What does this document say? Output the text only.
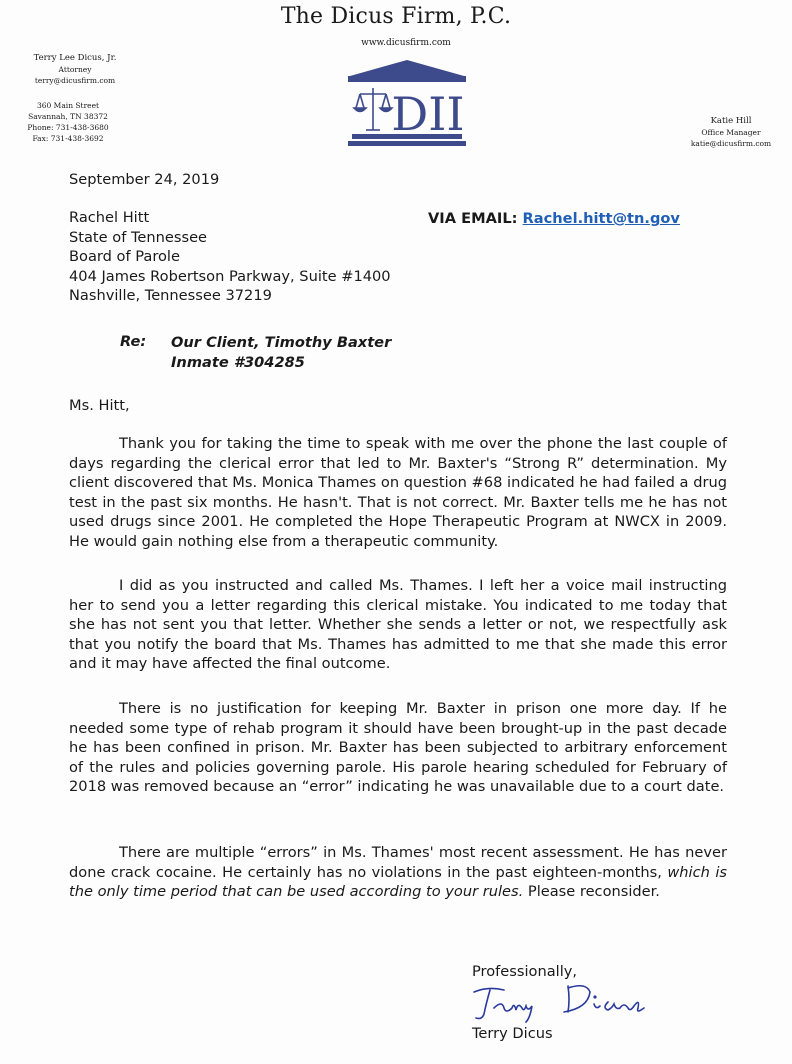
The Dicus Firm, P.C.
www.dicusfirm.com
DII
Terry Lee Dicus, Jr.
Attorney
terry@dicusfirm.com
360 Main Street
Savannah, TN 38372
Phone: 731-438-3680
Fax: 731-438-3692
Katie Hill
Office Manager
katie@dicusfirm.com
September 24, 2019
Rachel Hitt
State of Tennessee
Board of Parole
404 James Robertson Parkway, Suite #1400
Nashville, Tennessee 37219
VIA EMAIL: Rachel.hitt@tn.gov
Re: Our Client, Timothy Baxter
Inmate #304285
Ms. Hitt,

Thank you for taking the time to speak with me over the phone the last couple of days regarding the clerical error that led to Mr. Baxter's “Strong R” determination. My client discovered that Ms. Monica Thames on question #68 indicated he had failed a drug test in the past six months. He hasn't. That is not correct. Mr. Baxter tells me he has not used drugs since 2001. He completed the Hope Therapeutic Program at NWCX in 2009. He would gain nothing else from a therapeutic community.

I did as you instructed and called Ms. Thames. I left her a voice mail instructing her to send you a letter regarding this clerical mistake. You indicated to me today that she has not sent you that letter. Whether she sends a letter or not, we respectfully ask that you notify the board that Ms. Thames has admitted to me that she made this error and it may have affected the final outcome.

There is no justification for keeping Mr. Baxter in prison one more day. If he needed some type of rehab program it should have been brought-up in the past decade he has been confined in prison. Mr. Baxter has been subjected to arbitrary enforcement of the rules and policies governing parole. His parole hearing scheduled for February of 2018 was removed because an “error” indicating he was unavailable due to a court date.

There are multiple “errors” in Ms. Thames' most recent assessment. He has never done crack cocaine. He certainly has no violations in the past eighteen-months, which is the only time period that can be used according to your rules. Please reconsider.

Professionally,
Terry Dicus
